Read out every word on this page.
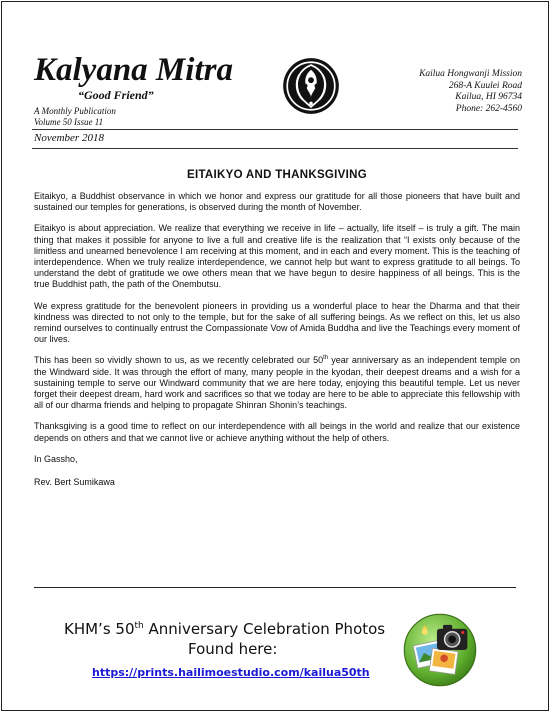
Kalyana Mitra
“Good Friend”
A Monthly Publication
Volume 50 Issue 11
Kailua Hongwanji Mission
268-A Kuulei Road
Kailua, HI 96734
Phone: 262-4560
November 2018
EITAIKYO AND THANKSGIVING

Eitaikyo, a Buddhist observance in which we honor and express our gratitude for all those pioneers that have built and sustained our temples for generations, is observed during the month of November.

Eitaikyo is about appreciation. We realize that everything we receive in life – actually, life itself – is truly a gift. The main thing that makes it possible for anyone to live a full and creative life is the realization that “I exists only because of the limitless and unearned benevolence I am receiving at this moment, and in each and every moment. This is the teaching of interdependence. When we truly realize interdependence, we cannot help but want to express gratitude to all beings. To understand the debt of gratitude we owe others mean that we have begun to desire happiness of all beings. This is the true Buddhist path, the path of the Onembutsu.

We express gratitude for the benevolent pioneers in providing us a wonderful place to hear the Dharma and that their kindness was directed to not only to the temple, but for the sake of all suffering beings. As we reflect on this, let us also remind ourselves to continually entrust the Compassionate Vow of Amida Buddha and live the Teachings every moment of our lives.

This has been so vividly shown to us, as we recently celebrated our 50th year anniversary as an independent temple on the Windward side. It was through the effort of many, many people in the kyodan, their deepest dreams and a wish for a sustaining temple to serve our Windward community that we are here today, enjoying this beautiful temple. Let us never forget their deepest dream, hard work and sacrifices so that we today are here to be able to appreciate this fellowship with all of our dharma friends and helping to propagate Shinran Shonin’s teachings.

Thanksgiving is a good time to reflect on our interdependence with all beings in the world and realize that our existence depends on others and that we cannot live or achieve anything without the help of others.

In Gassho,

Rev. Bert Sumikawa

KHM’s 50th Anniversary Celebration Photos
Found here:
https://prints.hailimoestudio.com/kailua50th
